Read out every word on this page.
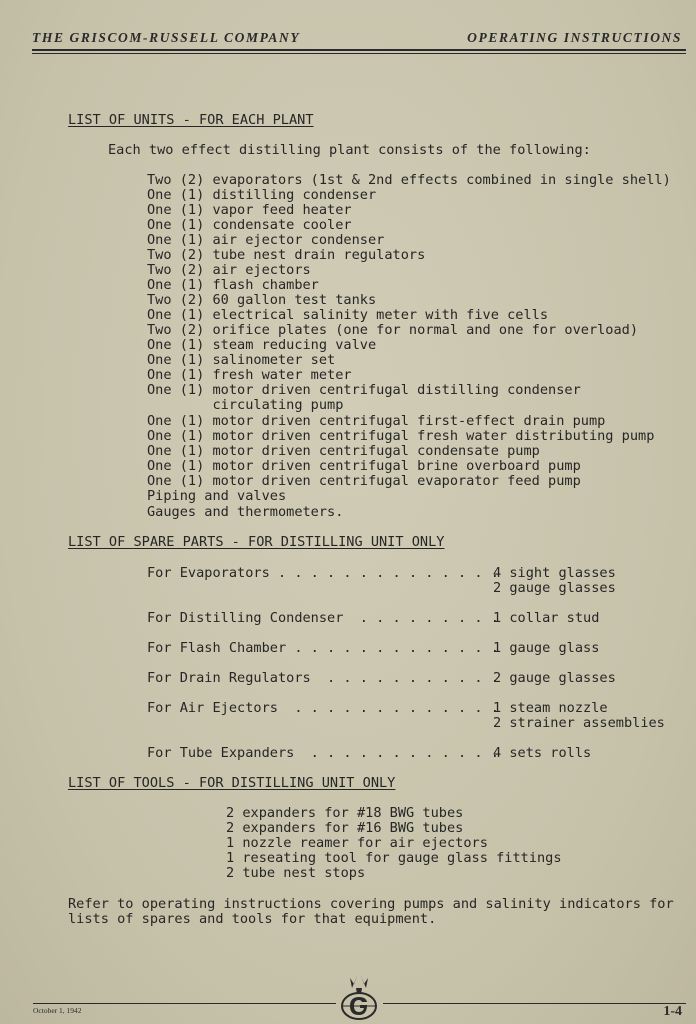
THE GRISCOM-RUSSELL COMPANY	OPERATING INSTRUCTIONS
LIST OF UNITS - FOR EACH PLANT
Each two effect distilling plant consists of the following:
Two (2) evaporators (1st & 2nd effects combined in single shell)
One (1) distilling condenser
One (1) vapor feed heater
One (1) condensate cooler
One (1) air ejector condenser
Two (2) tube nest drain regulators
Two (2) air ejectors
One (1) flash chamber
Two (2) 60 gallon test tanks
One (1) electrical salinity meter with five cells
Two (2) orifice plates (one for normal and one for overload)
One (1) steam reducing valve
One (1) salinometer set
One (1) fresh water meter
One (1) motor driven centrifugal distilling condenser
circulating pump
One (1) motor driven centrifugal first-effect drain pump
One (1) motor driven centrifugal fresh water distributing pump
One (1) motor driven centrifugal condensate pump
One (1) motor driven centrifugal brine overboard pump
One (1) motor driven centrifugal evaporator feed pump
Piping and valves
Gauges and thermometers.
LIST OF SPARE PARTS - FOR DISTILLING UNIT ONLY
For Evaporators . . . . . . . . . . . . . .
4 sight glasses
2 gauge glasses
For Distilling Condenser  . . . . . . . . .
1 collar stud
For Flash Chamber . . . . . . . . . . . . .
1 gauge glass
For Drain Regulators  . . . . . . . . . . .
2 gauge glasses
For Air Ejectors  . . . . . . . . . . . . .
1 steam nozzle
2 strainer assemblies
For Tube Expanders  . . . . . . . . . . . .
4 sets rolls
LIST OF TOOLS - FOR DISTILLING UNIT ONLY
2 expanders for #18 BWG tubes
2 expanders for #16 BWG tubes
1 nozzle reamer for air ejectors
1 reseating tool for gauge glass fittings
2 tube nest stops
Refer to operating instructions covering pumps and salinity indicators for
lists of spares and tools for that equipment.
October 1, 1942	1-4
